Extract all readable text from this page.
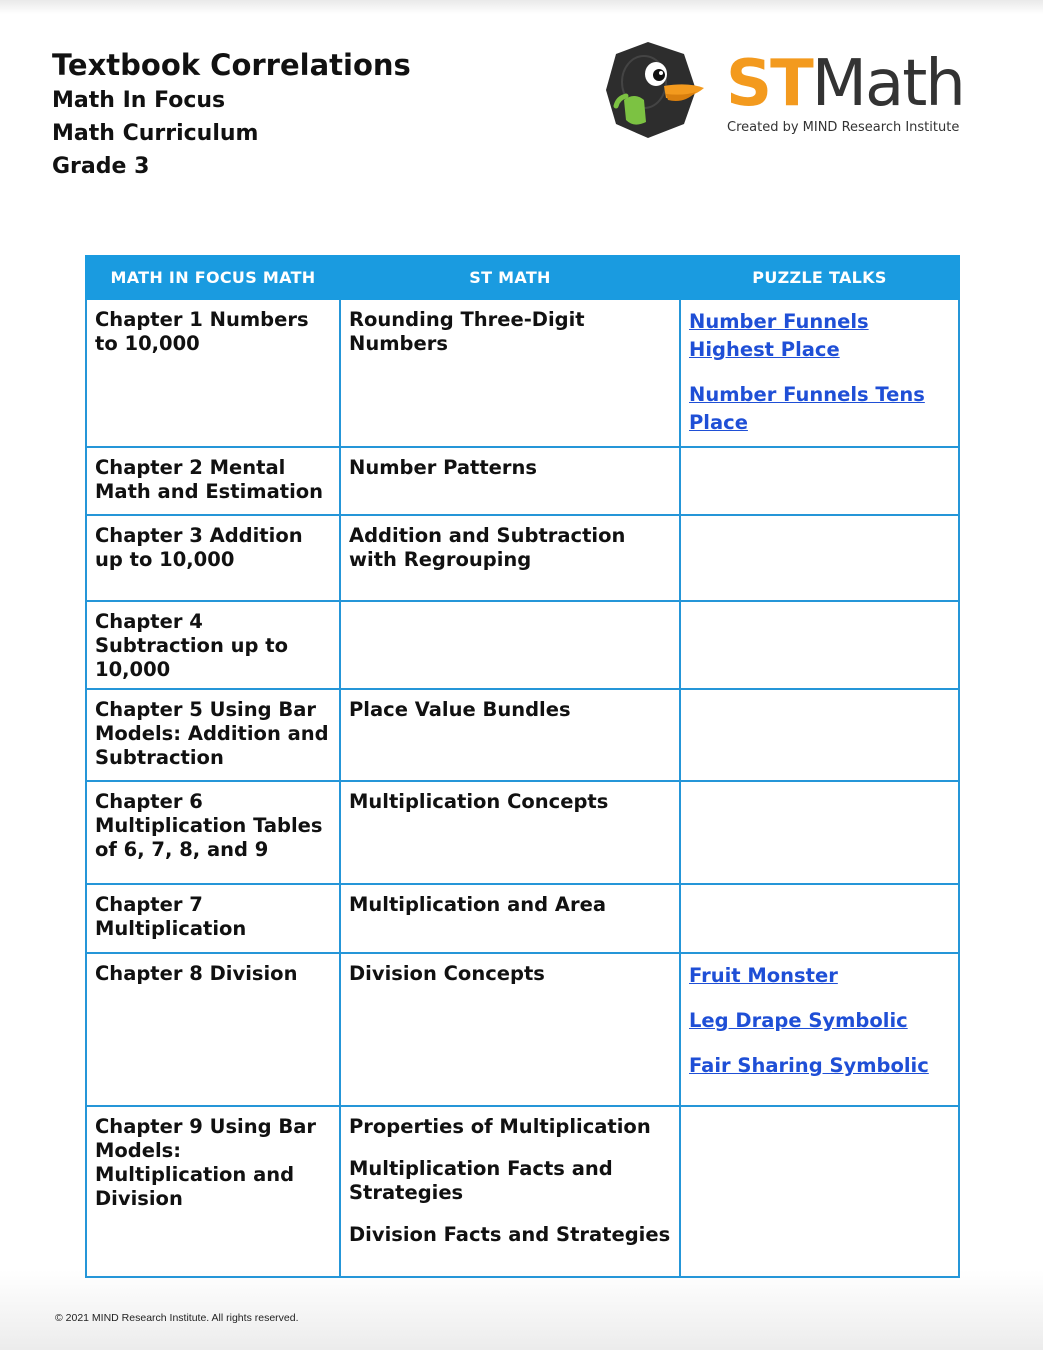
Textbook Correlations
Math In Focus
Math Curriculum
Grade 3
STMath
Created by MIND Research Institute
MATH IN FOCUS MATH	ST MATH	PUZZLE TALKS
Chapter 1 Numbers to 10,000	Rounding Three-Digit Numbers	Number Funnels Highest Place
Number Funnels Tens Place

Chapter 2 Mental Math and Estimation	Number Patterns	

Chapter 3 Addition up to 10,000	Addition and Subtraction with Regrouping	

Chapter 4 Subtraction up to 10,000		
Chapter 5 Using Bar Models: Addition and Subtraction	Place Value Bundles	

Chapter 6 Multiplication Tables of 6, 7, 8, and 9	Multiplication Concepts	

Chapter 7 Multiplication	Multiplication and Area	

Chapter 8 Division	Division Concepts	Fruit Monster
Leg Drape Symbolic
Fair Sharing Symbolic

Chapter 9 Using Bar Models: Multiplication and Division	Properties of Multiplication
Multiplication Facts and Strategies
Division Facts and Strategies	

© 2021 MIND Research Institute. All rights reserved.
